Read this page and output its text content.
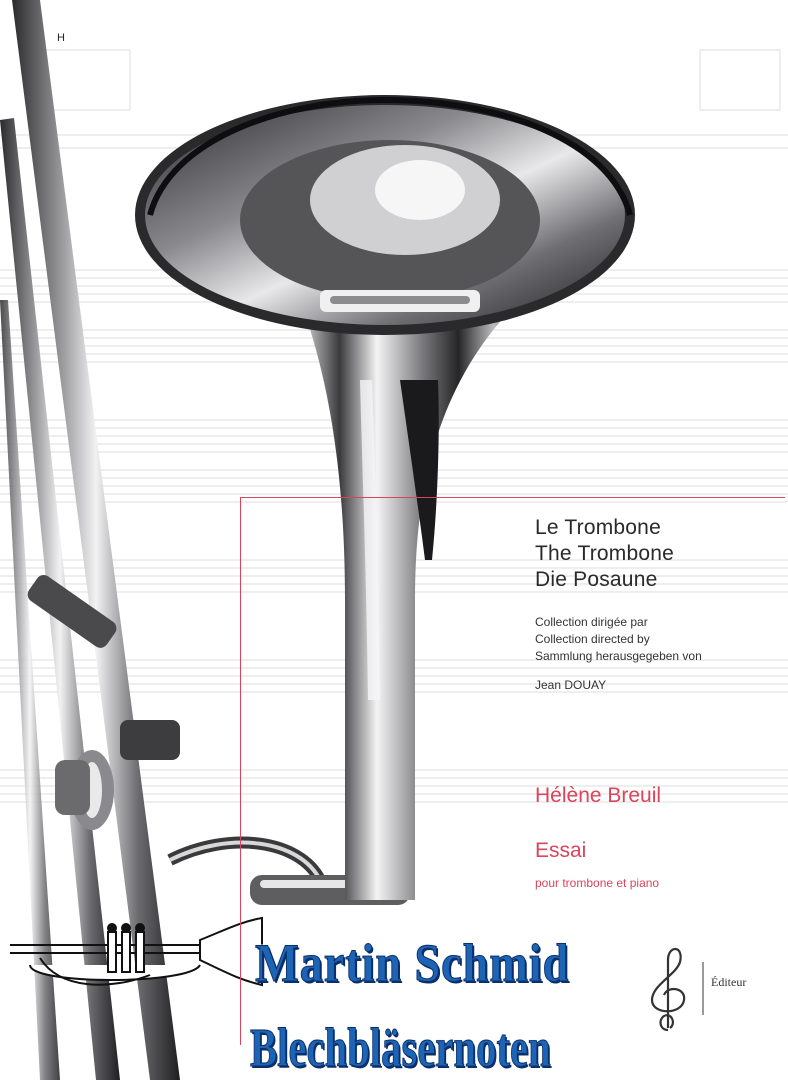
H
Le Trombone
The Trombone
Die Posaune
Collection dirigée par
Collection directed by
Sammlung herausgegeben von
Jean DOUAY
Hélène Breuil
Essai
pour trombone et piano
Éditeur
Martin Schmid
Blechbläsernoten
